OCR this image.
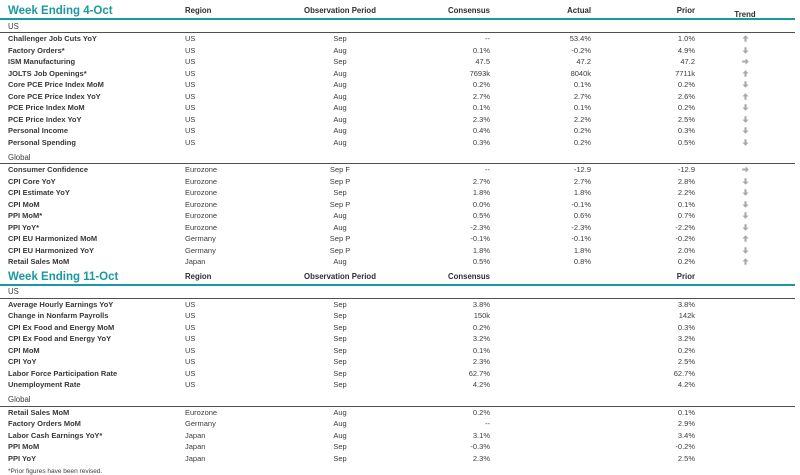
Week Ending 4-Oct	Region	Observation Period	Consensus	Actual	Prior	Trend
US
Challenger Job Cuts YoY	US	Sep	--	53.4%	1.0%
Factory Orders*	US	Aug	0.1%	-0.2%	4.9%
ISM Manufacturing	US	Sep	47.5	47.2	47.2
JOLTS Job Openings*	US	Aug	7693k	8040k	7711k
Core PCE Price Index MoM	US	Aug	0.2%	0.1%	0.2%
Core PCE Price Index YoY	US	Aug	2.7%	2.7%	2.6%
PCE Price Index MoM	US	Aug	0.1%	0.1%	0.2%
PCE Price Index YoY	US	Aug	2.3%	2.2%	2.5%
Personal Income	US	Aug	0.4%	0.2%	0.3%
Personal Spending	US	Aug	0.3%	0.2%	0.5%
Global
Consumer Confidence	Eurozone	Sep F	--	-12.9	-12.9
CPI Core YoY	Eurozone	Sep P	2.7%	2.7%	2.8%
CPI Estimate YoY	Eurozone	Sep	1.8%	1.8%	2.2%
CPI MoM	Eurozone	Sep P	0.0%	-0.1%	0.1%
PPI MoM*	Eurozone	Aug	0.5%	0.6%	0.7%
PPI YoY*	Eurozone	Aug	-2.3%	-2.3%	-2.2%
CPI EU Harmonized MoM	Germany	Sep P	-0.1%	-0.1%	-0.2%
CPI EU Harmonized YoY	Germany	Sep P	1.8%	1.8%	2.0%
Retail Sales MoM	Japan	Aug	0.5%	0.8%	0.2%
Week Ending 11-Oct	Region	Observation Period	Consensus	Prior
US
Average Hourly Earnings YoY	US	Sep	3.8%	3.8%
Change in Nonfarm Payrolls	US	Sep	150k	142k
CPI Ex Food and Energy MoM	US	Sep	0.2%	0.3%
CPI Ex Food and Energy YoY	US	Sep	3.2%	3.2%
CPI MoM	US	Sep	0.1%	0.2%
CPI YoY	US	Sep	2.3%	2.5%
Labor Force Participation Rate	US	Sep	62.7%	62.7%
Unemployment Rate	US	Sep	4.2%	4.2%
Global
Retail Sales MoM	Eurozone	Aug	0.2%	0.1%
Factory Orders MoM	Germany	Aug	--	2.9%
Labor Cash Earnings YoY*	Japan	Aug	3.1%	3.4%
PPI MoM	Japan	Sep	-0.3%	-0.2%
PPI YoY	Japan	Sep	2.3%	2.5%
*Prior figures have been revised.
